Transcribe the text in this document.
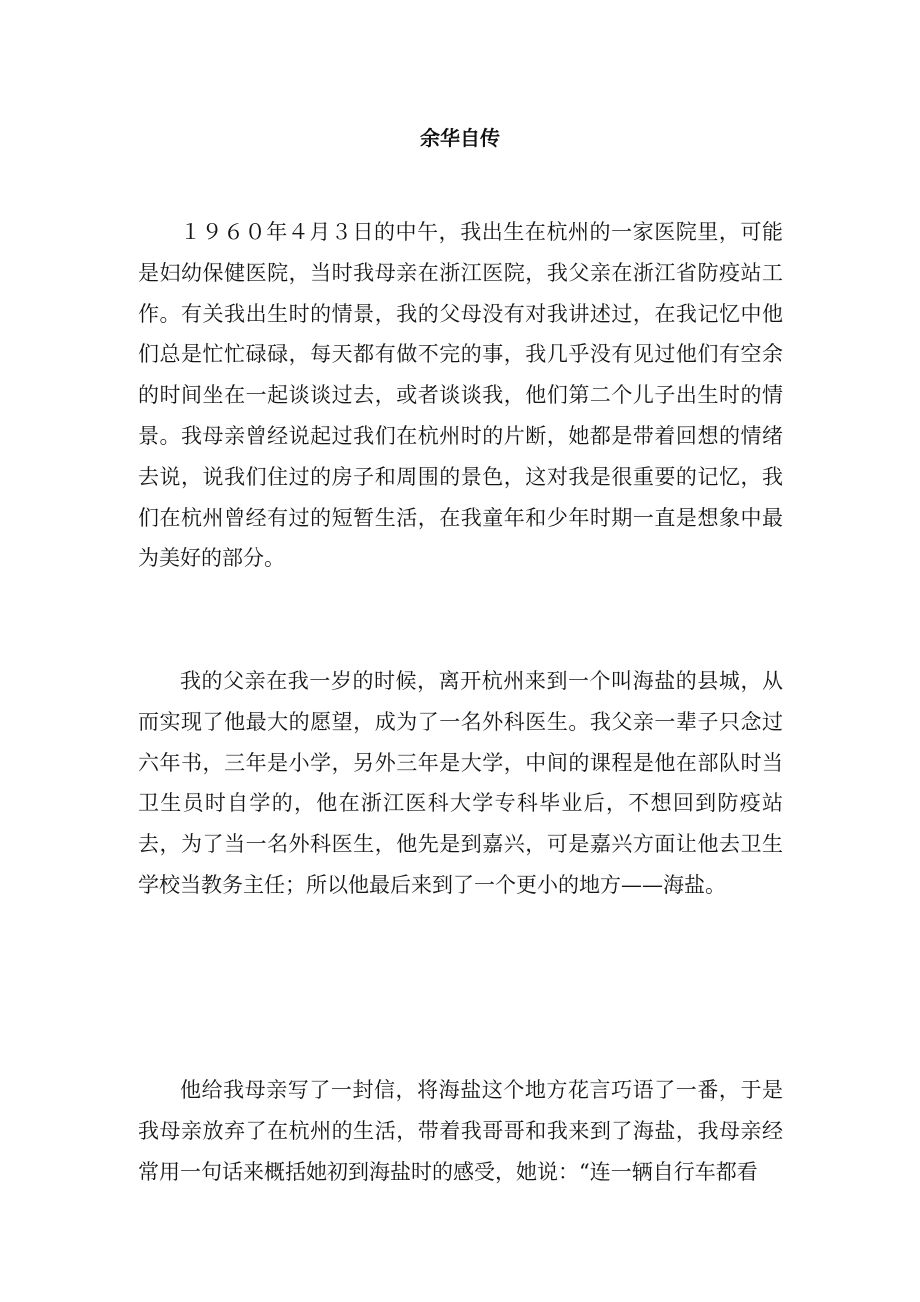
余华自传

１９６０年４月３日的中午，我出生在杭州的一家医院里，可能是妇幼保健医院，当时我母亲在浙江医院，我父亲在浙江省防疫站工作。有关我出生时的情景，我的父母没有对我讲述过，在我记忆中他们总是忙忙碌碌，每天都有做不完的事，我几乎没有见过他们有空余的时间坐在一起谈谈过去，或者谈谈我，他们第二个儿子出生时的情景。我母亲曾经说起过我们在杭州时的片断，她都是带着回想的情绪去说，说我们住过的房子和周围的景色，这对我是很重要的记忆，我们在杭州曾经有过的短暂生活，在我童年和少年时期一直是想象中最为美好的部分。

我的父亲在我一岁的时候，离开杭州来到一个叫海盐的县城，从而实现了他最大的愿望，成为了一名外科医生。我父亲一辈子只念过六年书，三年是小学，另外三年是大学，中间的课程是他在部队时当卫生员时自学的，他在浙江医科大学专科毕业后，不想回到防疫站去，为了当一名外科医生，他先是到嘉兴，可是嘉兴方面让他去卫生学校当教务主任；所以他最后来到了一个更小的地方——海盐。

他给我母亲写了一封信，将海盐这个地方花言巧语了一番，于是我母亲放弃了在杭州的生活，带着我哥哥和我来到了海盐，我母亲经常用一句话来概括她初到海盐时的感受，她说：“连一辆自行车都看
